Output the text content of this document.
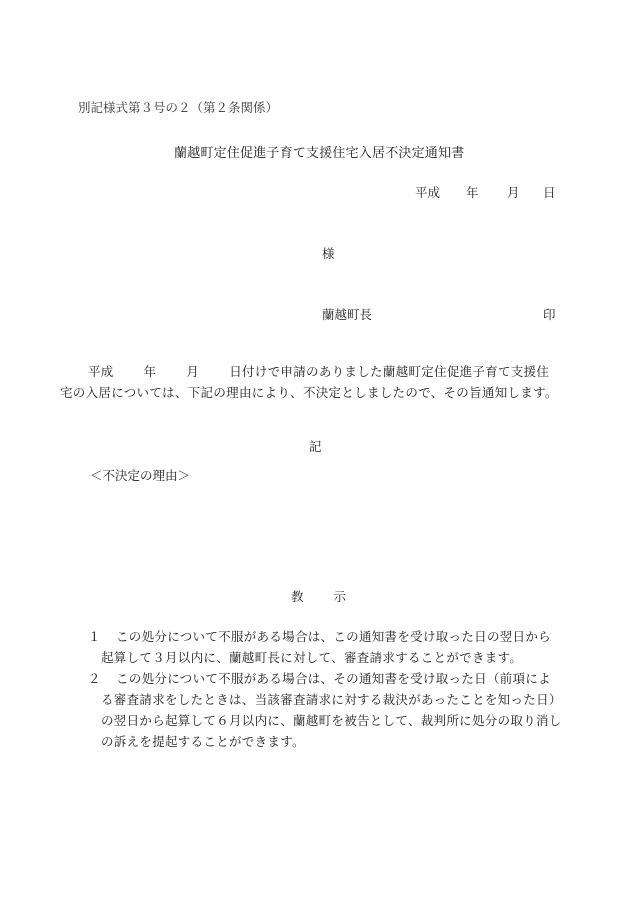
別記様式第３号の２（第２条関係）
蘭越町定住促進子育て支援住宅入居不決定通知書
平成 年 月 日
様
蘭越町長	印
平成 年 月 日付けで申請のありました蘭越町定住促進子育て支援住宅の入居については、下記の理由により、不決定としましたので、その旨通知します。
記
＜不決定の理由＞
教 示
１	この処分について不服がある場合は、この通知書を受け取った日の翌日から起算して３月以内に、蘭越町長に対して、審査請求することができます。
２	この処分について不服がある場合は、その通知書を受け取った日（前項による審査請求をしたときは、当該審査請求に対する裁決があったことを知った日）の翌日から起算して６月以内に、蘭越町を被告として、裁判所に処分の取り消しの訴えを提起することができます。
